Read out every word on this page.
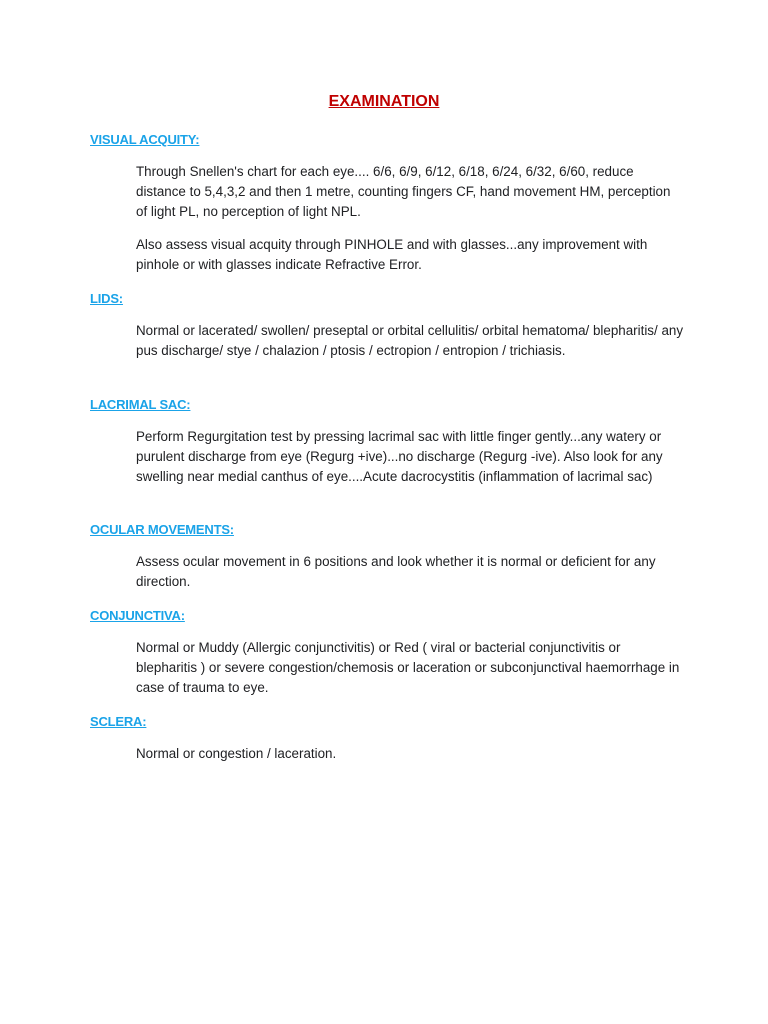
EXAMINATION
VISUAL ACQUITY:

Through Snellen's chart for each eye.... 6/6, 6/9, 6/12, 6/18, 6/24, 6/32, 6/60, reduce distance to 5,4,3,2 and then 1 metre, counting fingers CF, hand movement HM, perception of light PL, no perception of light NPL.

Also assess visual acquity through PINHOLE and with glasses...any improvement with pinhole or with glasses indicate Refractive Error.

LIDS:

Normal or lacerated/ swollen/ preseptal or orbital cellulitis/ orbital hematoma/ blepharitis/ any pus discharge/ stye / chalazion / ptosis / ectropion / entropion / trichiasis.

LACRIMAL SAC:

Perform Regurgitation test by pressing lacrimal sac with little finger gently...any watery or purulent discharge from eye (Regurg +ive)...no discharge (Regurg -ive). Also look for any swelling near medial canthus of eye....Acute dacrocystitis (inflammation of lacrimal sac)

OCULAR MOVEMENTS:

Assess ocular movement in 6 positions and look whether it is normal or deficient for any direction.

CONJUNCTIVA:

Normal or Muddy (Allergic conjunctivitis) or Red ( viral or bacterial conjunctivitis or blepharitis ) or severe congestion/chemosis or laceration or subconjunctival haemorrhage in case of trauma to eye.

SCLERA:

Normal or congestion / laceration.
